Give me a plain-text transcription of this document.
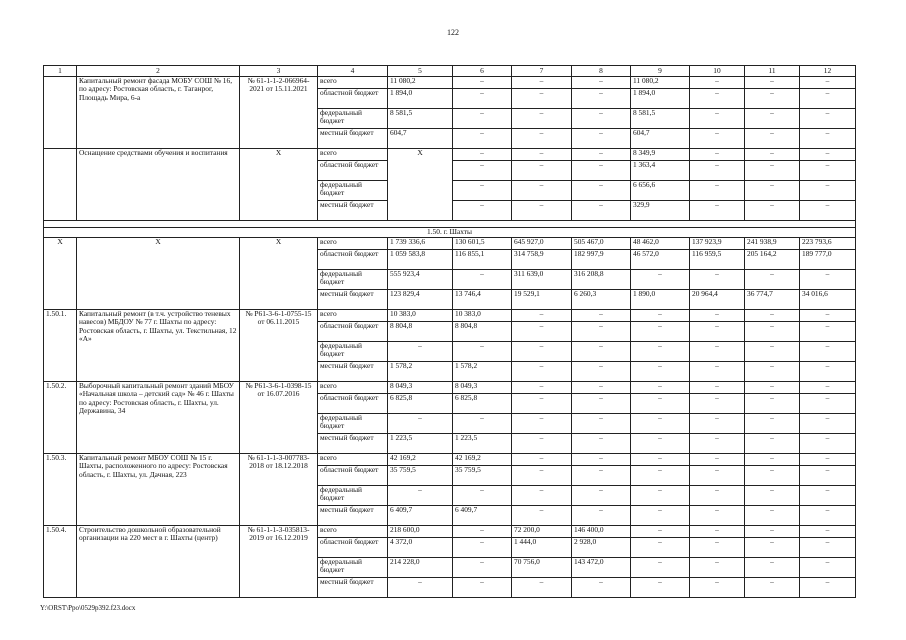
122
1	2	3	4	5	6	7	8	9	10	11	12
	Капитальный ремонт фасада МОБУ СОШ № 16, по адресу: Ростовская область, г. Таганрог, Площадь Мира, 6-а	№ 61-1-1-2-066964-2021 от 15.11.2021	всего	11 080,2	–	–	–	11 080,2	–	–	–
			областной бюджет	1 894,0	–	–	–	1 894,0	–	–	–
			федеральный бюджет	8 581,5	–	–	–	8 581,5	–	–	–
			местный бюджет	604,7	–	–	–	604,7	–	–	–
	Оснащение средствами обучения и воспитания	Х	всего	Х	–	–	–	8 349,9	–	–	–
			областной бюджет		–	–	–	1 363,4	–	–	–
			федеральный бюджет		–	–	–	6 656,6	–	–	–
			местный бюджет		–	–	–	329,9	–	–	–

1.50. г. Шахты											
Х	Х	Х	всего	1 739 336,6	130 601,5	645 927,0	505 467,0	48 462,0	137 923,9	241 938,9	223 793,6
			областной бюджет	1 059 583,8	116 855,1	314 758,9	182 997,9	46 572,0	116 959,5	205 164,2	189 777,0
			федеральный бюджет	555 923,4	–	311 639,0	316 208,8	–	–	–	–
			местный бюджет	123 829,4	13 746,4	19 529,1	6 260,3	1 890,0	20 964,4	36 774,7	34 016,6
1.50.1.	Капитальный ремонт (в т.ч. устройство теневых навесов) МБДОУ № 77 г. Шахты по адресу: Ростовская область, г. Шахты, ул. Текстильная, 12 «А»	№ Р61-3-6-1-0755-15 от 06.11.2015	всего	10 383,0	10 383,0	–	–	–	–	–	–
			областной бюджет	8 804,8	8 804,8	–	–	–	–	–	–
			федеральный бюджет	–	–	–	–	–	–	–	–
			местный бюджет	1 578,2	1 578,2	–	–	–	–	–	–
1.50.2.	Выборочный капитальный ремонт зданий МБОУ «Начальная школа – детский сад» № 46 г. Шахты по адресу: Ростовская область, г. Шахты, ул. Державина, 34	№ Р61-3-6-1-0398-15 от 16.07.2016	всего	8 049,3	8 049,3	–	–	–	–	–	–
			областной бюджет	6 825,8	6 825,8	–	–	–	–	–	–
			федеральный бюджет	–	–	–	–	–	–	–	–
			местный бюджет	1 223,5	1 223,5	–	–	–	–	–	–
1.50.3.	Капитальный ремонт МБОУ СОШ № 15 г. Шахты, расположенного по адресу: Ростовская область, г. Шахты, ул. Дачная, 223	№ 61-1-1-3-007783-2018 от 18.12.2018	всего	42 169,2	42 169,2	–	–	–	–	–	–
			областной бюджет	35 759,5	35 759,5	–	–	–	–	–	–
			федеральный бюджет	–	–	–	–	–	–	–	–
			местный бюджет	6 409,7	6 409,7	–	–	–	–	–	–
1.50.4.	Строительство дошкольной образовательной организации на 220 мест в г. Шахты (центр)	№ 61-1-1-3-035813-2019 от 16.12.2019	всего	218 600,0	–	72 200,0	146 400,0	–	–	–	–
			областной бюджет	4 372,0	–	1 444,0	2 928,0	–	–	–	–
			федеральный бюджет	214 228,0	–	70 756,0	143 472,0	–	–	–	–
			местный бюджет	–	–	–	–	–	–	–	–
Y:\ORST\Ppo\0529p392.f23.docx
